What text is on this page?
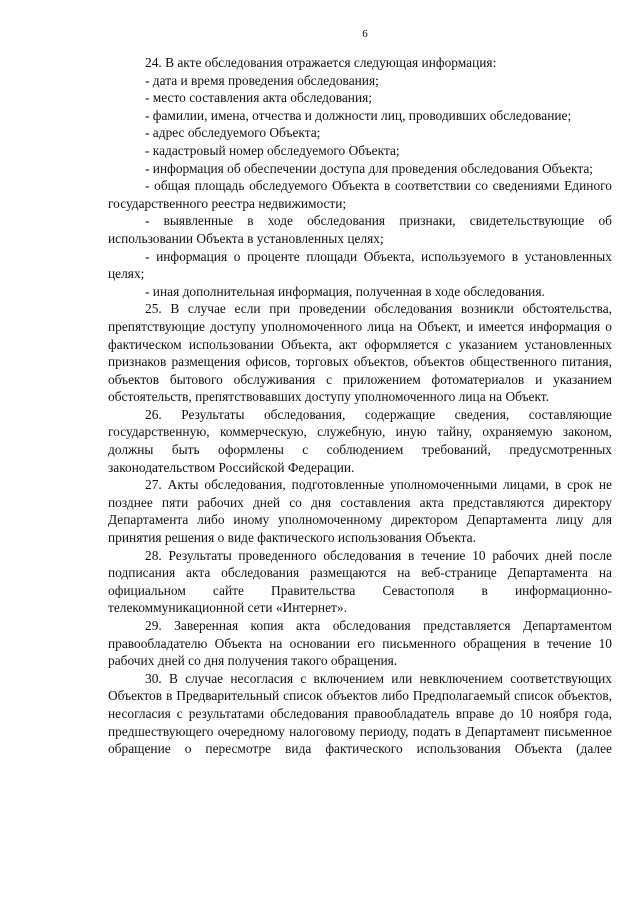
6

24. В акте обследования отражается следующая информация:

- дата и время проведения обследования;

- место составления акта обследования;

- фамилии, имена, отчества и должности лиц, проводивших обследование;

- адрес обследуемого Объекта;

- кадастровый номер обследуемого Объекта;

- информация об обеспечении доступа для проведения обследования Объекта;

- общая площадь обследуемого Объекта в соответствии со сведениями Единого государственного реестра недвижимости;

- выявленные в ходе обследования признаки, свидетельствующие об использовании Объекта в установленных целях;

- информация о проценте площади Объекта, используемого в установленных целях;

- иная дополнительная информация, полученная в ходе обследования.

25. В случае если при проведении обследования возникли обстоятельства, препятствующие доступу уполномоченного лица на Объект, и имеется информация о фактическом использовании Объекта, акт оформляется с указанием установленных признаков размещения офисов, торговых объектов, объектов общественного питания, объектов бытового обслуживания с приложением фотоматериалов и указанием обстоятельств, препятствовавших доступу уполномоченного лица на Объект.

26. Результаты обследования, содержащие сведения, составляющие государственную, коммерческую, служебную, иную тайну, охраняемую законом, должны быть оформлены с соблюдением требований, предусмотренных законодательством Российской Федерации.

27. Акты обследования, подготовленные уполномоченными лицами, в срок не позднее пяти рабочих дней со дня составления акта представляются директору Департамента либо иному уполномоченному директором Департамента лицу для принятия решения о виде фактического использования Объекта.

28. Результаты проведенного обследования в течение 10 рабочих дней после подписания акта обследования размещаются на веб-странице Департамента на официальном сайте Правительства Севастополя в информационно-телекоммуникационной сети «Интернет».

29. Заверенная копия акта обследования представляется Департаментом правообладателю Объекта на основании его письменного обращения в течение 10 рабочих дней со дня получения такого обращения.

30. В случае несогласия с включением или невключением соответствующих Объектов в Предварительный список объектов либо Предполагаемый список объектов, несогласия с результатами обследования правообладатель вправе до 10 ноября года, предшествующего очередному налоговому периоду, подать в Департамент письменное обращение о пересмотре вида фактического использования Объекта (далее
